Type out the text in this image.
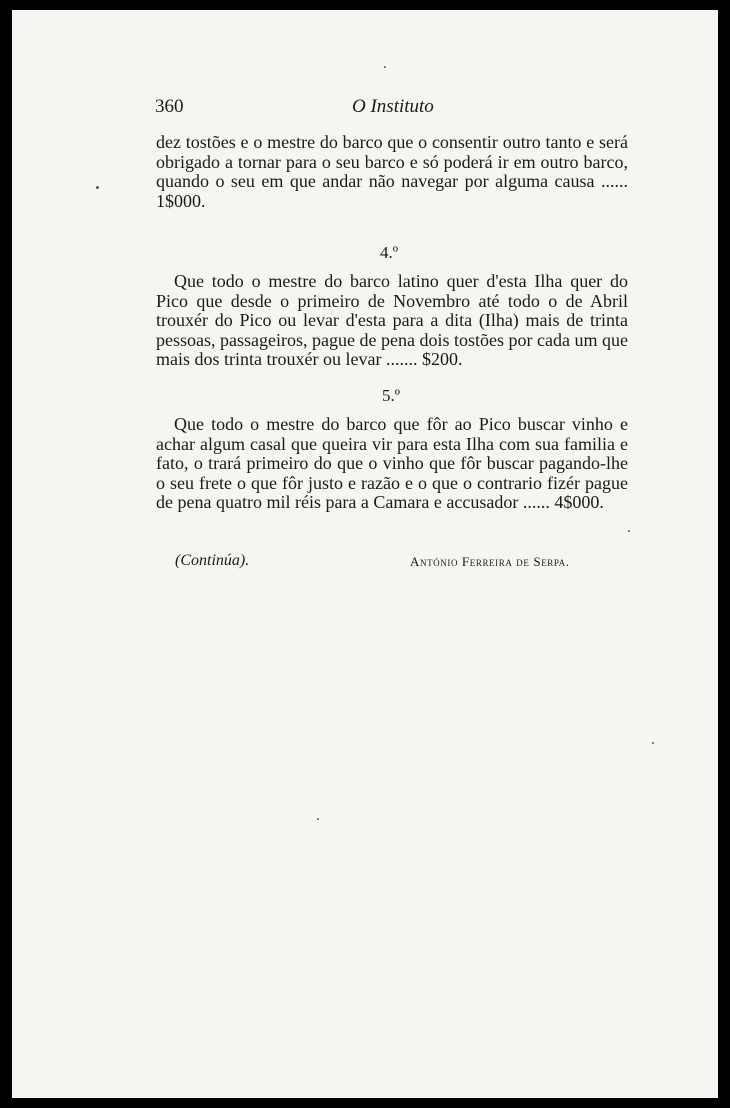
360	O Instituto
dez tostões e o mestre do barco que o consentir outro tanto e será obrigado a tornar para o seu barco e só poderá ir em outro barco, quando o seu em que andar não navegar por alguma causa ...... 1$000.
4.º
Que todo o mestre do barco latino quer d'esta Ilha quer do Pico que desde o primeiro de Novembro até todo o de Abril trouxér do Pico ou levar d'esta para a dita (Ilha) mais de trinta pessoas, passageiros, pague de pena dois tostões por cada um que mais dos trinta trouxér ou levar ....... $200.
5.º
Que todo o mestre do barco que fôr ao Pico buscar vinho e achar algum casal que queira vir para esta Ilha com sua familia e fato, o trará primeiro do que o vinho que fôr buscar pagando-lhe o seu frete o que fôr justo e razão e o que o contrario fizér pague de pena quatro mil réis para a Camara e accusador ...... 4$000.
(Continúa).	António Ferreira de Serpa.
